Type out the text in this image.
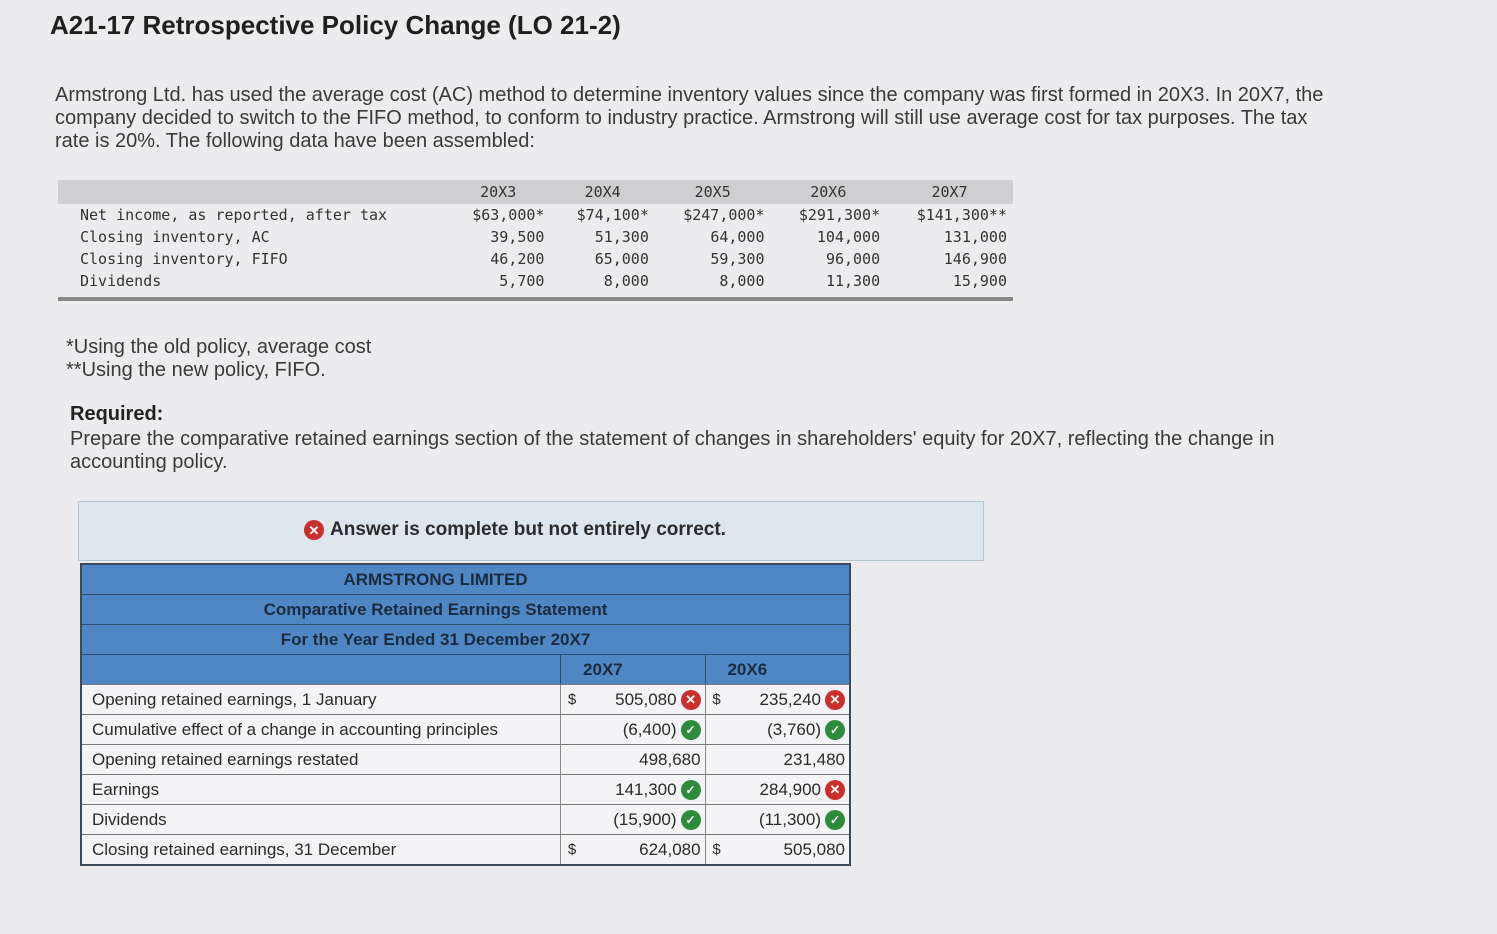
A21-17 Retrospective Policy Change (LO 21-2)
Armstrong Ltd. has used the average cost (AC) method to determine inventory values since the company was first formed in 20X3. In 20X7, the company decided to switch to the FIFO method, to conform to industry practice. Armstrong will still use average cost for tax purposes. The tax rate is 20%. The following data have been assembled:
	20X3	20X4	20X5	20X6	20X7
Net income, as reported, after tax	$63,000*	$74,100*	$247,000*	$291,300*	$141,300**
Closing inventory, AC	39,500	51,300	64,000	104,000	131,000
Closing inventory, FIFO	46,200	65,000	59,300	96,000	146,900
Dividends	5,700	8,000	8,000	11,300	15,900
*Using the old policy, average cost
**Using the new policy, FIFO.
Required:
Prepare the comparative retained earnings section of the statement of changes in shareholders' equity for 20X7, reflecting the change in accounting policy.
✕ Answer is complete but not entirely correct.
ARMSTRONG LIMITED
Comparative Retained Earnings Statement
For the Year Ended 31 December 20X7
20X7	20X6
Opening retained earnings, 1 January	$	505,080 ✕	$	235,240 ✕
Cumulative effect of a change in accounting principles	(6,400) ✓	(3,760) ✓
Opening retained earnings restated	498,680	231,480
Earnings	141,300 ✓	284,900 ✕
Dividends	(15,900) ✓	(11,300) ✓
Closing retained earnings, 31 December	$	624,080 $	505,080
